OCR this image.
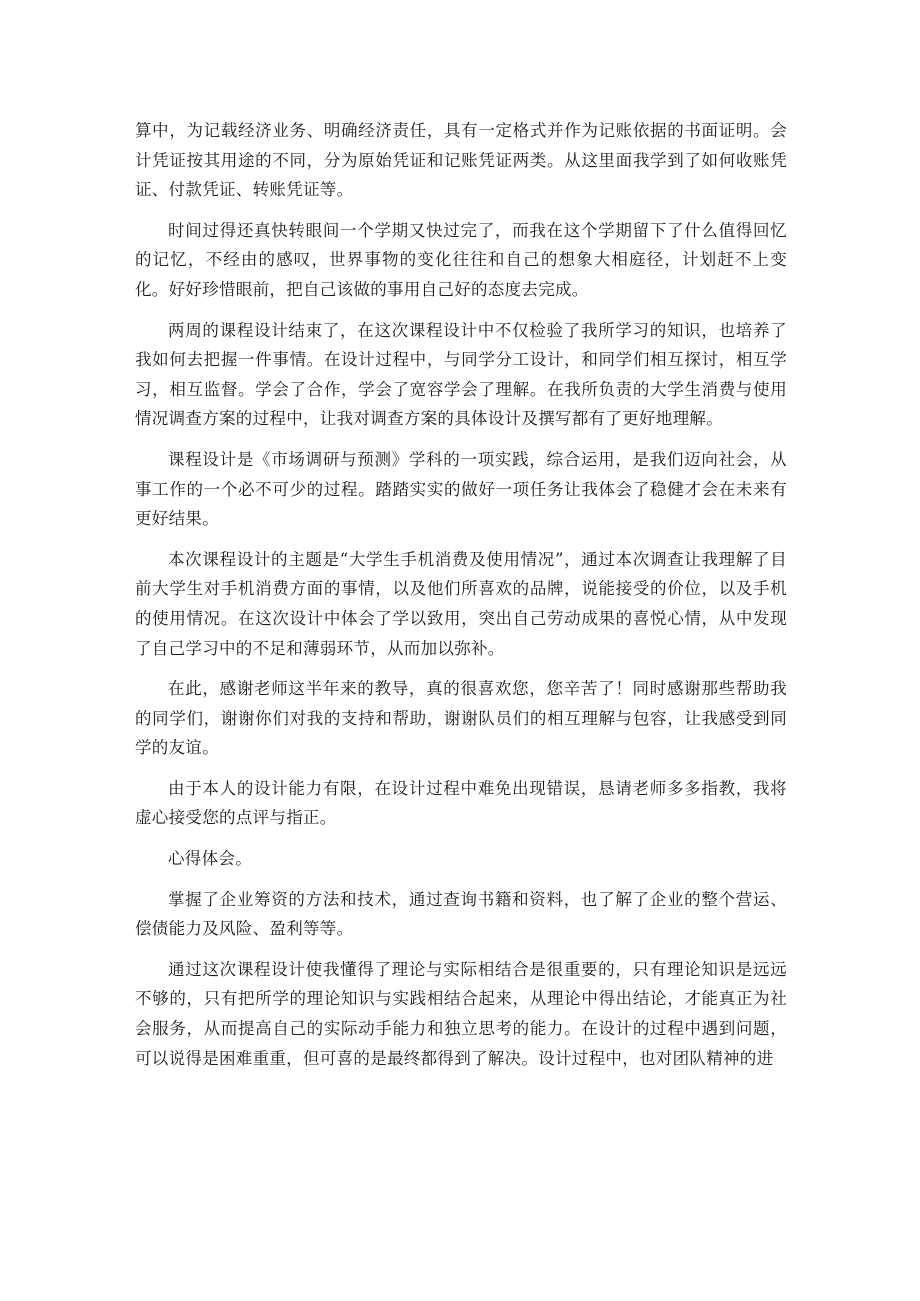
算中，为记载经济业务、明确经济责任，具有一定格式并作为记账依据的书面证明。会计凭证按其用途的不同，分为原始凭证和记账凭证两类。从这里面我学到了如何收账凭证、付款凭证、转账凭证等。

时间过得还真快转眼间一个学期又快过完了，而我在这个学期留下了什么值得回忆的记忆，不经由的感叹，世界事物的变化往往和自己的想象大相庭径，计划赶不上变化。好好珍惜眼前，把自己该做的事用自己好的态度去完成。

两周的课程设计结束了，在这次课程设计中不仅检验了我所学习的知识，也培养了我如何去把握一件事情。在设计过程中，与同学分工设计，和同学们相互探讨，相互学习，相互监督。学会了合作，学会了宽容学会了理解。在我所负责的大学生消费与使用情况调查方案的过程中，让我对调查方案的具体设计及撰写都有了更好地理解。

课程设计是《市场调研与预测》学科的一项实践，综合运用，是我们迈向社会，从事工作的一个必不可少的过程。踏踏实实的做好一项任务让我体会了稳健才会在未来有更好结果。

本次课程设计的主题是“大学生手机消费及使用情况”，通过本次调查让我理解了目前大学生对手机消费方面的事情，以及他们所喜欢的品牌，说能接受的价位，以及手机的使用情况。在这次设计中体会了学以致用，突出自己劳动成果的喜悦心情，从中发现了自己学习中的不足和薄弱环节，从而加以弥补。

在此，感谢老师这半年来的教导，真的很喜欢您，您辛苦了！同时感谢那些帮助我的同学们，谢谢你们对我的支持和帮助，谢谢队员们的相互理解与包容，让我感受到同学的友谊。

由于本人的设计能力有限，在设计过程中难免出现错误，恳请老师多多指教，我将虚心接受您的点评与指正。

心得体会。

掌握了企业筹资的方法和技术，通过查询书籍和资料，也了解了企业的整个营运、偿债能力及风险、盈利等等。

通过这次课程设计使我懂得了理论与实际相结合是很重要的，只有理论知识是远远不够的，只有把所学的理论知识与实践相结合起来，从理论中得出结论，才能真正为社会服务，从而提高自己的实际动手能力和独立思考的能力。在设计的过程中遇到问题，可以说得是困难重重，但可喜的是最终都得到了解决。设计过程中，也对团队精神的进
